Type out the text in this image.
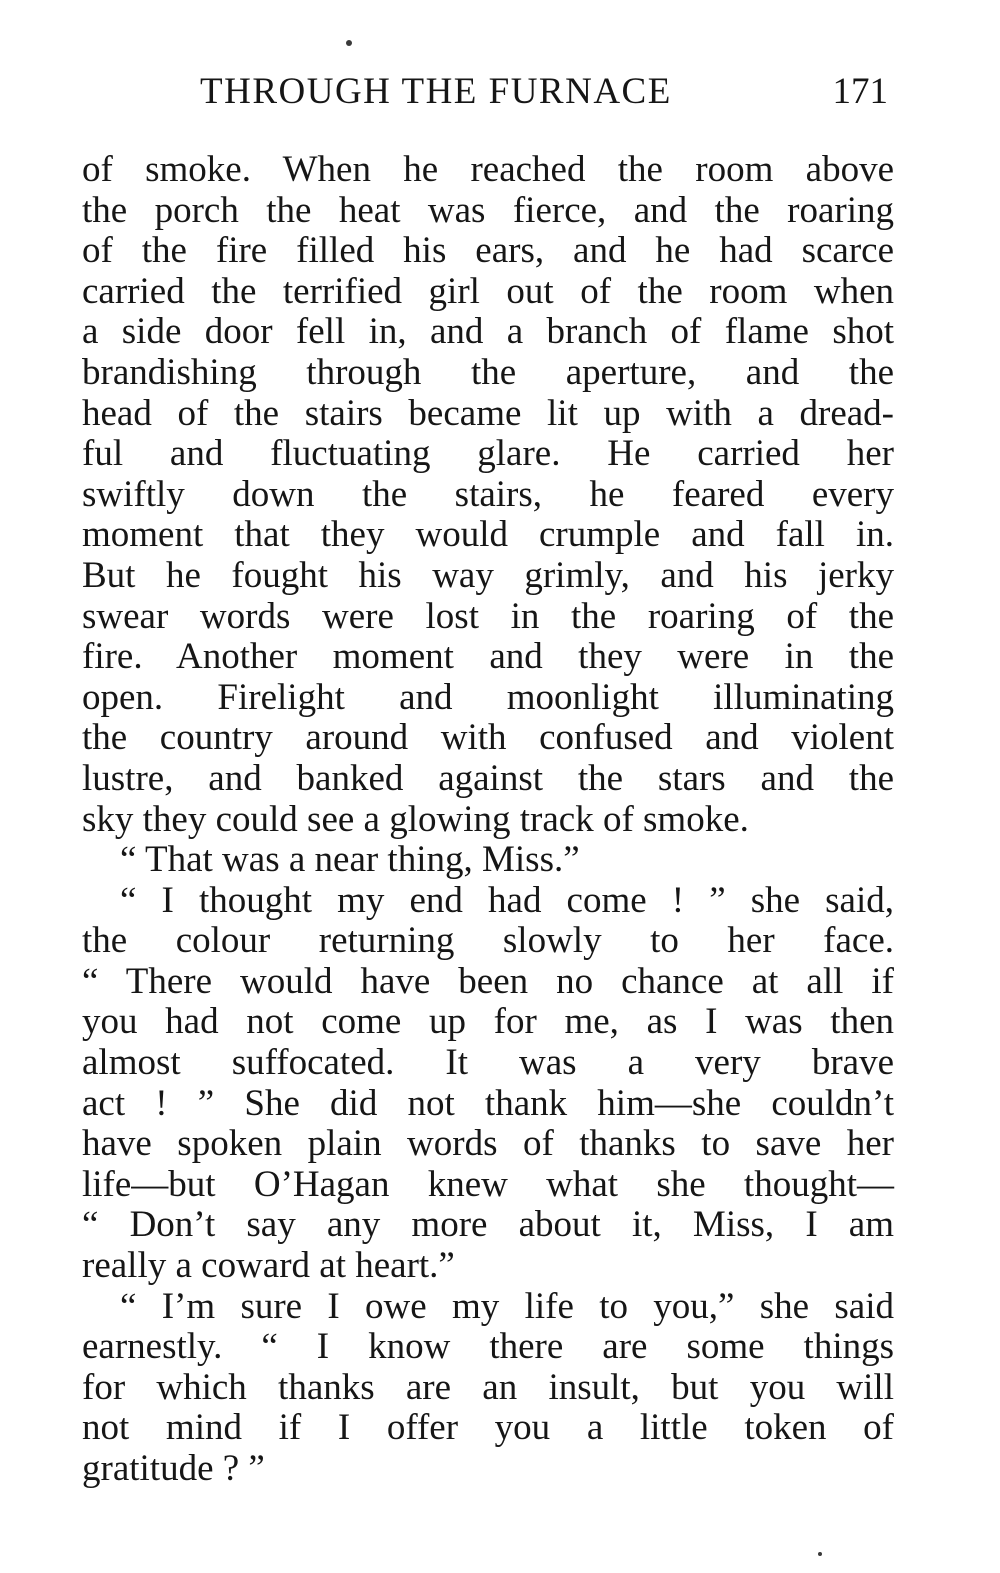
THROUGH THE FURNACE	171
of smoke. When he reached the room above
the porch the heat was fierce, and the roaring
of the fire filled his ears, and he had scarce
carried the terrified girl out of the room when
a side door fell in, and a branch of flame shot
brandishing through the aperture, and the
head of the stairs became lit up with a dread-
ful and fluctuating glare. He carried her
swiftly down the stairs, he feared every
moment that they would crumple and fall in.
But he fought his way grimly, and his jerky
swear words were lost in the roaring of the
fire. Another moment and they were in the
open. Firelight and moonlight illuminating
the country around with confused and violent
lustre, and banked against the stars and the
sky they could see a glowing track of smoke.
“ That was a near thing, Miss.”
“ I thought my end had come ! ” she said,
the colour returning slowly to her face.
“ There would have been no chance at all if
you had not come up for me, as I was then
almost suffocated. It was a very brave
act ! ” She did not thank him—she couldn’t
have spoken plain words of thanks to save her
life—but O’Hagan knew what she thought—
“ Don’t say any more about it, Miss, I am
really a coward at heart.”
“ I’m sure I owe my life to you,” she said
earnestly. “ I know there are some things
for which thanks are an insult, but you will
not mind if I offer you a little token of
gratitude ? ”
